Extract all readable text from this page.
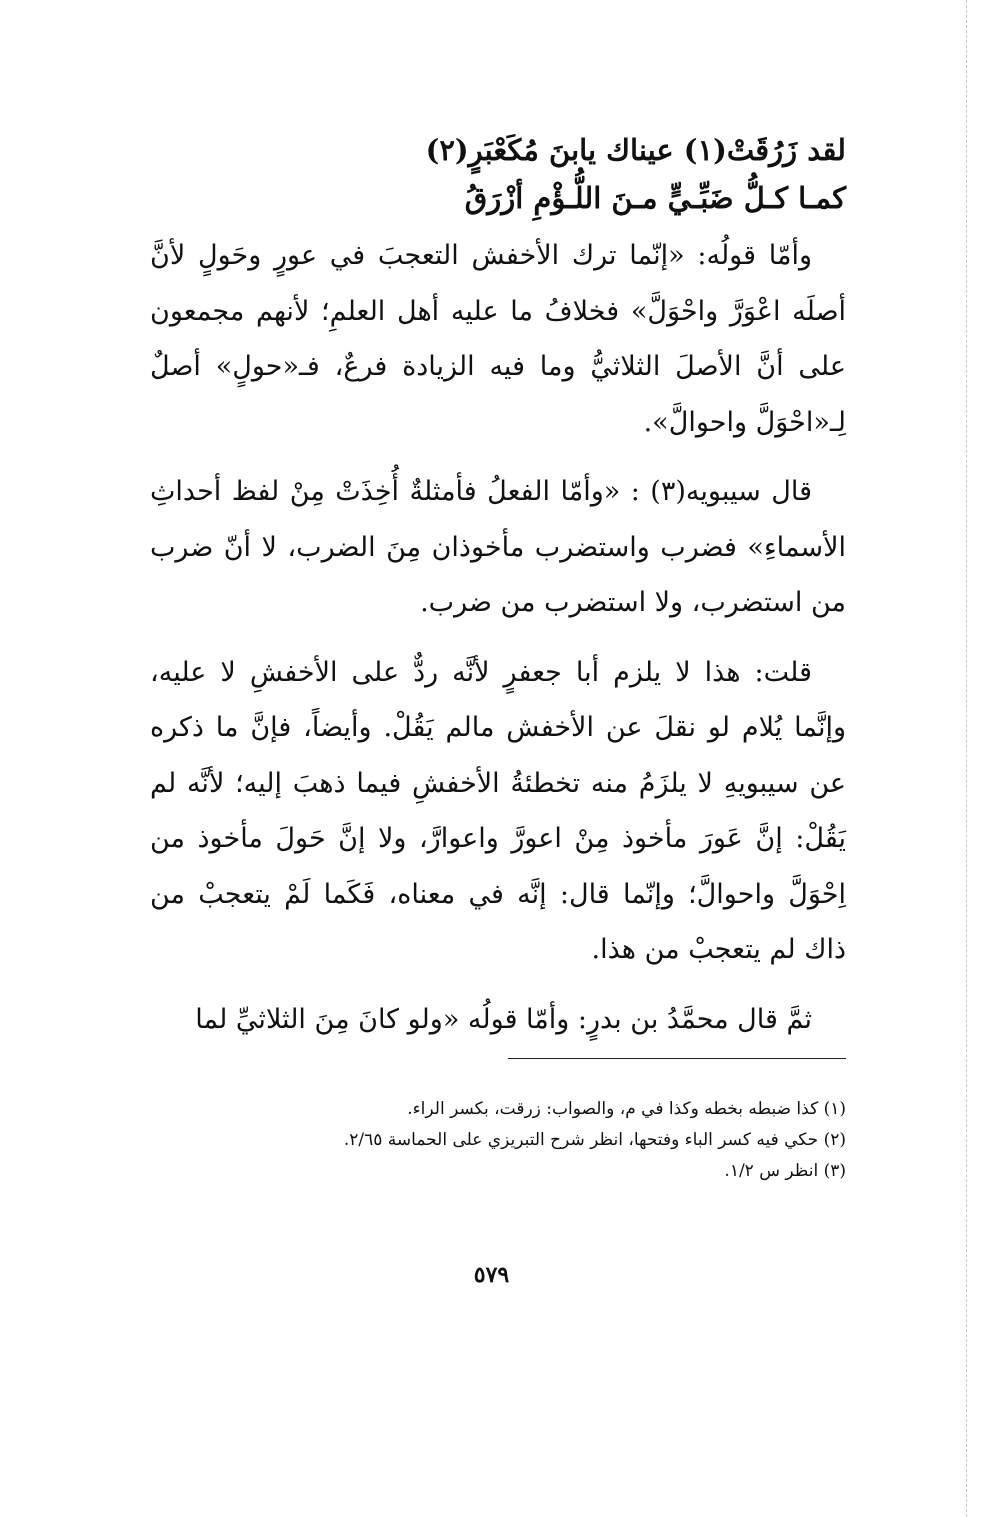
لقد زَرُقَتْ(١) عيناك يابنَ مُكَعْبَرٍ(٢)
كمـا كـلُّ ضَبِّـيٍّ مـنَ اللُّـؤْمِ أزْرَقُ

وأمّا قولُه: «إنّما ترك الأخفش التعجبَ في عورٍ وحَولٍ لأنَّ أصلَه اعْوَرَّ واحْوَلَّ» فخلافُ ما عليه أهل العلمِ؛ لأنهم مجمعون على أنَّ الأصلَ الثلاثيُّ وما فيه الزيادة فرعٌ، فـ«حولٍ» أصلٌ لِـ«احْوَلَّ واحوالَّ».

قال سيبويه(٣) : «وأمّا الفعلُ فأمثلةٌ أُخِذَتْ مِنْ لفظ أحداثِ الأسماءِ» فضرب واستضرب مأخوذان مِنَ الضرب، لا أنّ ضرب من استضرب، ولا استضرب من ضرب.

قلت: هذا لا يلزم أبا جعفرٍ لأنَّه ردٌّ على الأخفشِ لا عليه، وإنَّما يُلام لو نقلَ عن الأخفش مالم يَقُلْ. وأيضاً، فإنَّ ما ذكره عن سيبويهِ لا يلزَمُ منه تخطئةُ الأخفشِ فيما ذهبَ إليه؛ لأنَّه لم يَقُلْ: إنَّ عَورَ مأخوذ مِنْ اعورَّ واعوارَّ، ولا إنَّ حَولَ مأخوذ من اِحْوَلَّ واحوالَّ؛ وإنّما قال: إنَّه في معناه، فَكَما لَمْ يتعجبْ من ذاك لم يتعجبْ من هذا.

ثمَّ قال محمَّدُ بن بدرٍ: وأمّا قولُه «ولو كانَ مِنَ الثلاثيِّ لما

(١) كذا ضبطه بخطه وكذا في م، والصواب: زرقت، بكسر الراء.
(٢) حكي فيه كسر الباء وفتحها، انظر شرح التبريزي على الحماسة ٢/٦٥.
(٣) انظر س ١/٢.
٥٧٩
